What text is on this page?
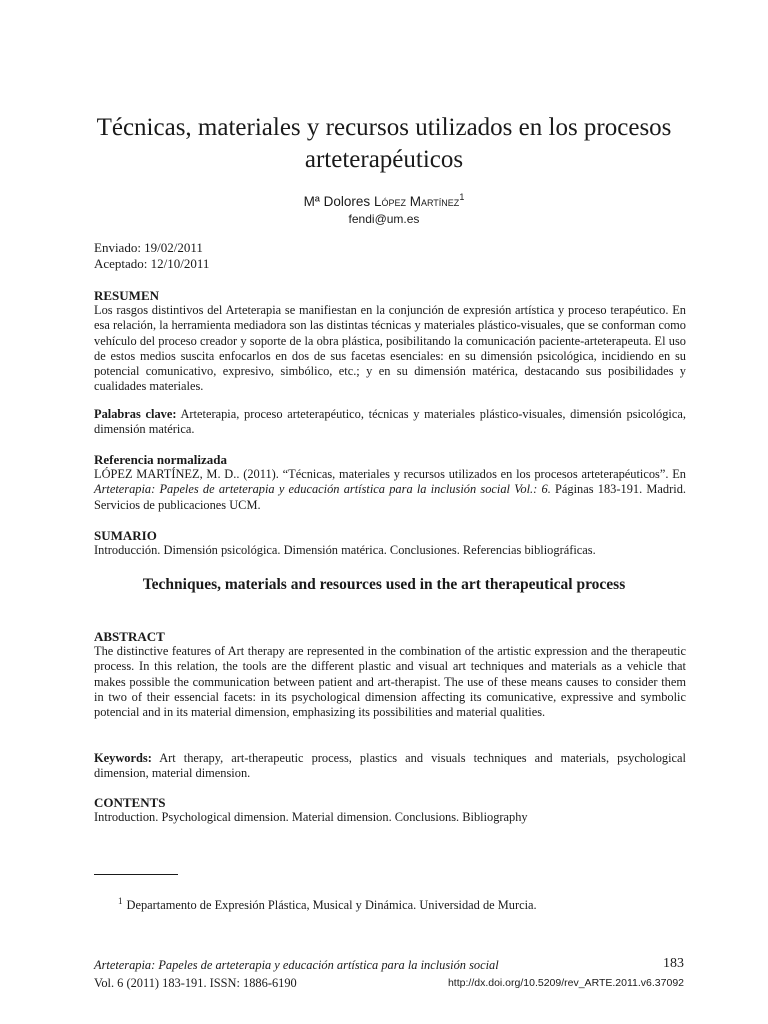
Técnicas, materiales y recursos utilizados en los procesos arteterapéuticos
Mª Dolores López Martínez$^1$
fendi@um.es
Enviado: 19/02/2011
Aceptado: 12/10/2011
RESUMEN
Los rasgos distintivos del Arteterapia se manifiestan en la conjunción de expresión artística y proceso terapéutico. En esa relación, la herramienta mediadora son las distintas técnicas y materiales plástico-visuales, que se conforman como vehículo del proceso creador y soporte de la obra plástica, posibilitando la comunicación paciente-arteterapeuta. El uso de estos medios suscita enfocarlos en dos de sus facetas esenciales: en su dimensión psicológica, incidiendo en su potencial comunicativo, expresivo, simbólico, etc.; y en su dimensión matérica, destacando sus posibilidades y cualidades materiales.
Palabras clave: Arteterapia, proceso arteterapéutico, técnicas y materiales plástico-visuales, dimensión psicológica, dimensión matérica.
Referencia normalizada
LÓPEZ MARTÍNEZ, M. D.. (2011). “Técnicas, materiales y recursos utilizados en los procesos arteterapéuticos”. En Arteterapia: Papeles de arteterapia y educación artística para la inclusión social Vol.: 6. Páginas 183-191. Madrid. Servicios de publicaciones UCM.
SUMARIO
Introducción. Dimensión psicológica. Dimensión matérica. Conclusiones. Referencias bibliográficas.
Techniques, materials and resources used in the art therapeutical process
ABSTRACT
The distinctive features of Art therapy are represented in the combination of the artistic expression and the therapeutic process. In this relation, the tools are the different plastic and visual art techniques and materials as a vehicle that makes possible the communication between patient and art-therapist. The use of these means causes to consider them in two of their essencial facets: in its psychological dimension affecting its comunicative, expressive and symbolic potencial and in its material dimension, emphasizing its possibilities and material qualities.
Keywords: Art therapy, art-therapeutic process, plastics and visuals techniques and materials, psychological dimension, material dimension.
CONTENTS
Introduction. Psychological dimension. Material dimension. Conclusions. Bibliography
$^1$ Departamento de Expresión Plástica, Musical y Dinámica. Universidad de Murcia.
Arteterapia: Papeles de arteterapia y educación artística para la inclusión social	183
Vol. 6 (2011) 183-191. ISSN: 1886-6190	http://dx.doi.org/10.5209/rev_ARTE.2011.v6.37092
